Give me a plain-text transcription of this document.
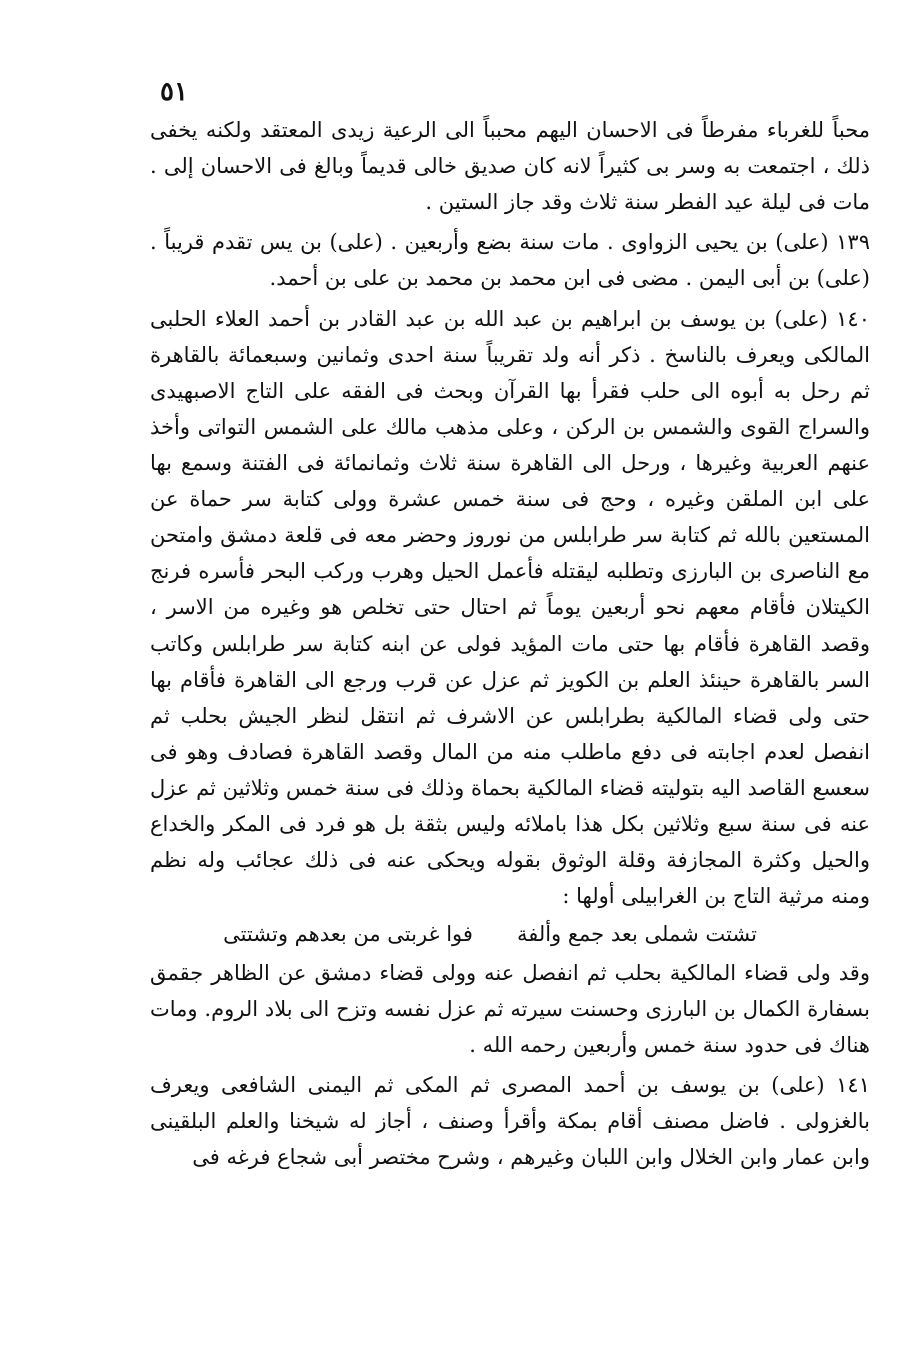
٥١

محباً للغرباء مفرطاً فى الاحسان اليهم محبباً الى الرعية زيدى المعتقد ولكنه يخفى ذلك ، اجتمعت به وسر بى كثيراً لانه كان صديق خالى قديماً وبالغ فى الاحسان إلى . مات فى ليلة عيد الفطر سنة ثلاث وقد جاز الستين .

١٣٩ (على) بن يحيى الزواوى . مات سنة بضع وأربعين . (على) بن يس تقدم قريباً . (على) بن أبى اليمن . مضى فى ابن محمد بن محمد بن على بن أحمد.

١٤٠ (على) بن يوسف بن ابراهيم بن عبد الله بن عبد القادر بن أحمد العلاء الحلبى المالكى ويعرف بالناسخ . ذكر أنه ولد تقريباً سنة احدى وثمانين وسبعمائة بالقاهرة ثم رحل به أبوه الى حلب فقرأ بها القرآن وبحث فى الفقه على التاج الاصبهيدى والسراج القوى والشمس بن الركن ، وعلى مذهب مالك على الشمس التواتى وأخذ عنهم العربية وغيرها ، ورحل الى القاهرة سنة ثلاث وثمانمائة فى الفتنة وسمع بها على ابن الملقن وغيره ، وحج فى سنة خمس عشرة وولى كتابة سر حماة عن المستعين بالله ثم كتابة سر طرابلس من نوروز وحضر معه فى قلعة دمشق وامتحن مع الناصرى بن البارزى وتطلبه ليقتله فأعمل الحيل وهرب وركب البحر فأسره فرنج الكيتلان فأقام معهم نحو أربعين يوماً ثم احتال حتى تخلص هو وغيره من الاسر ، وقصد القاهرة فأقام بها حتى مات المؤيد فولى عن ابنه كتابة سر طرابلس وكاتب السر بالقاهرة حينئذ العلم بن الكويز ثم عزل عن قرب ورجع الى القاهرة فأقام بها حتى ولى قضاء المالكية بطرابلس عن الاشرف ثم انتقل لنظر الجيش بحلب ثم انفصل لعدم اجابته فى دفع ماطلب منه من المال وقصد القاهرة فصادف وهو فى سعسع القاصد اليه بتوليته قضاء المالكية بحماة وذلك فى سنة خمس وثلاثين ثم عزل عنه فى سنة سبع وثلاثين بكل هذا باملائه وليس بثقة بل هو فرد فى المكر والخداع والحيل وكثرة المجازفة وقلة الوثوق بقوله ويحكى عنه فى ذلك عجائب وله نظم ومنه مرثية التاج بن الغرابيلى أولها :

تشتت شملى بعد جمع وألفة
فوا غربتى من بعدهم وتشتتى

وقد ولى قضاء المالكية بحلب ثم انفصل عنه وولى قضاء دمشق عن الظاهر جقمق بسفارة الكمال بن البارزى وحسنت سيرته ثم عزل نفسه وتزح الى بلاد الروم. ومات هناك فى حدود سنة خمس وأربعين رحمه الله .

١٤١ (على) بن يوسف بن أحمد المصرى ثم المكى ثم اليمنى الشافعى ويعرف بالغزولى . فاضل مصنف أقام بمكة وأقرأ وصنف ، أجاز له شيخنا والعلم البلقينى وابن عمار وابن الخلال وابن اللبان وغيرهم ، وشرح مختصر أبى شجاع فرغه فى
